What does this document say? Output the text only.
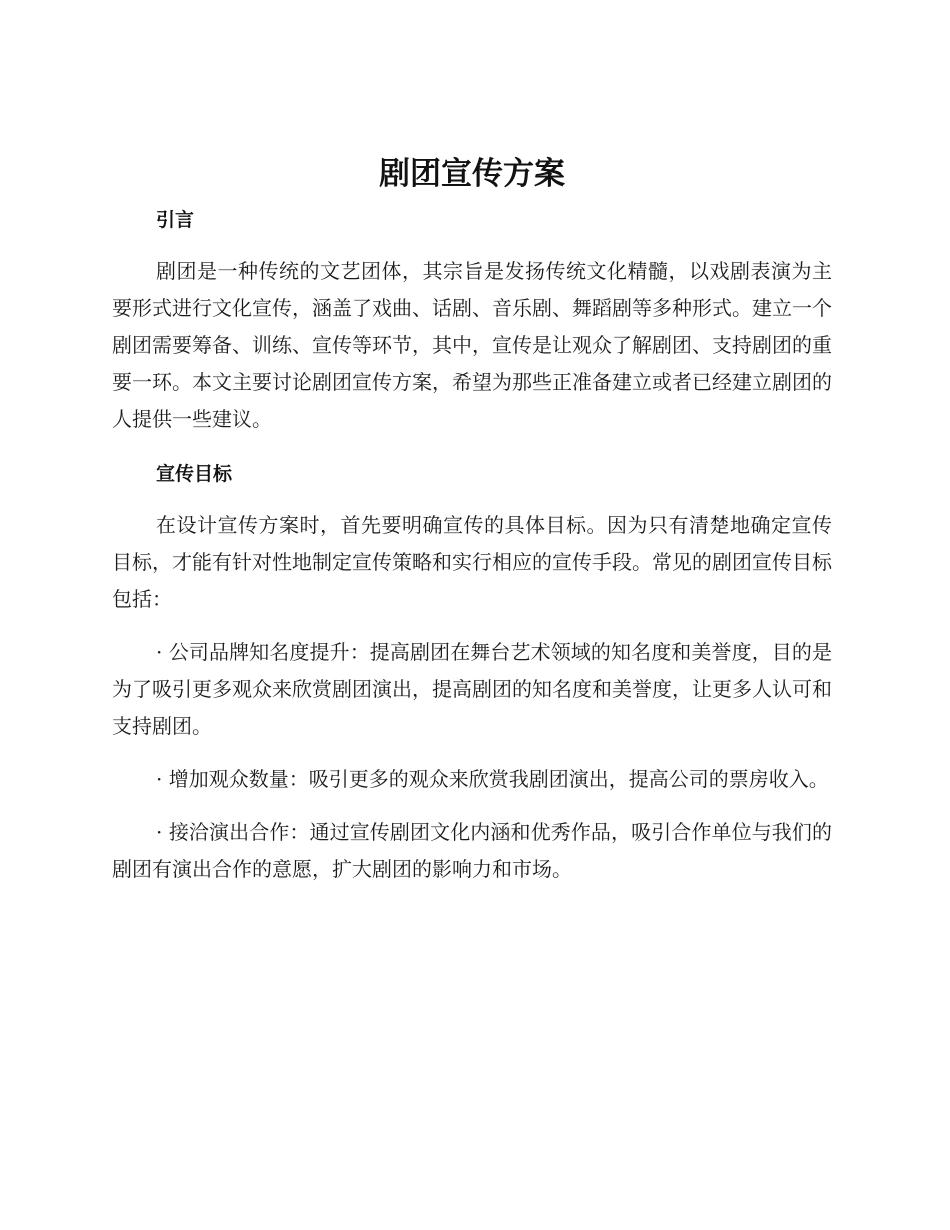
剧团宣传方案
引言

剧团是一种传统的文艺团体，其宗旨是发扬传统文化精髓，以戏剧表演为主要形式进行文化宣传，涵盖了戏曲、话剧、音乐剧、舞蹈剧等多种形式。建立一个剧团需要筹备、训练、宣传等环节，其中，宣传是让观众了解剧团、支持剧团的重要一环。本文主要讨论剧团宣传方案，希望为那些正准备建立或者已经建立剧团的人提供一些建议。

宣传目标

在设计宣传方案时，首先要明确宣传的具体目标。因为只有清楚地确定宣传目标，才能有针对性地制定宣传策略和实行相应的宣传手段。常见的剧团宣传目标包括：

· 公司品牌知名度提升：提高剧团在舞台艺术领域的知名度和美誉度，目的是为了吸引更多观众来欣赏剧团演出，提高剧团的知名度和美誉度，让更多人认可和支持剧团。

· 增加观众数量：吸引更多的观众来欣赏我剧团演出，提高公司的票房收入。

· 接洽演出合作：通过宣传剧团文化内涵和优秀作品，吸引合作单位与我们的剧团有演出合作的意愿，扩大剧团的影响力和市场。
